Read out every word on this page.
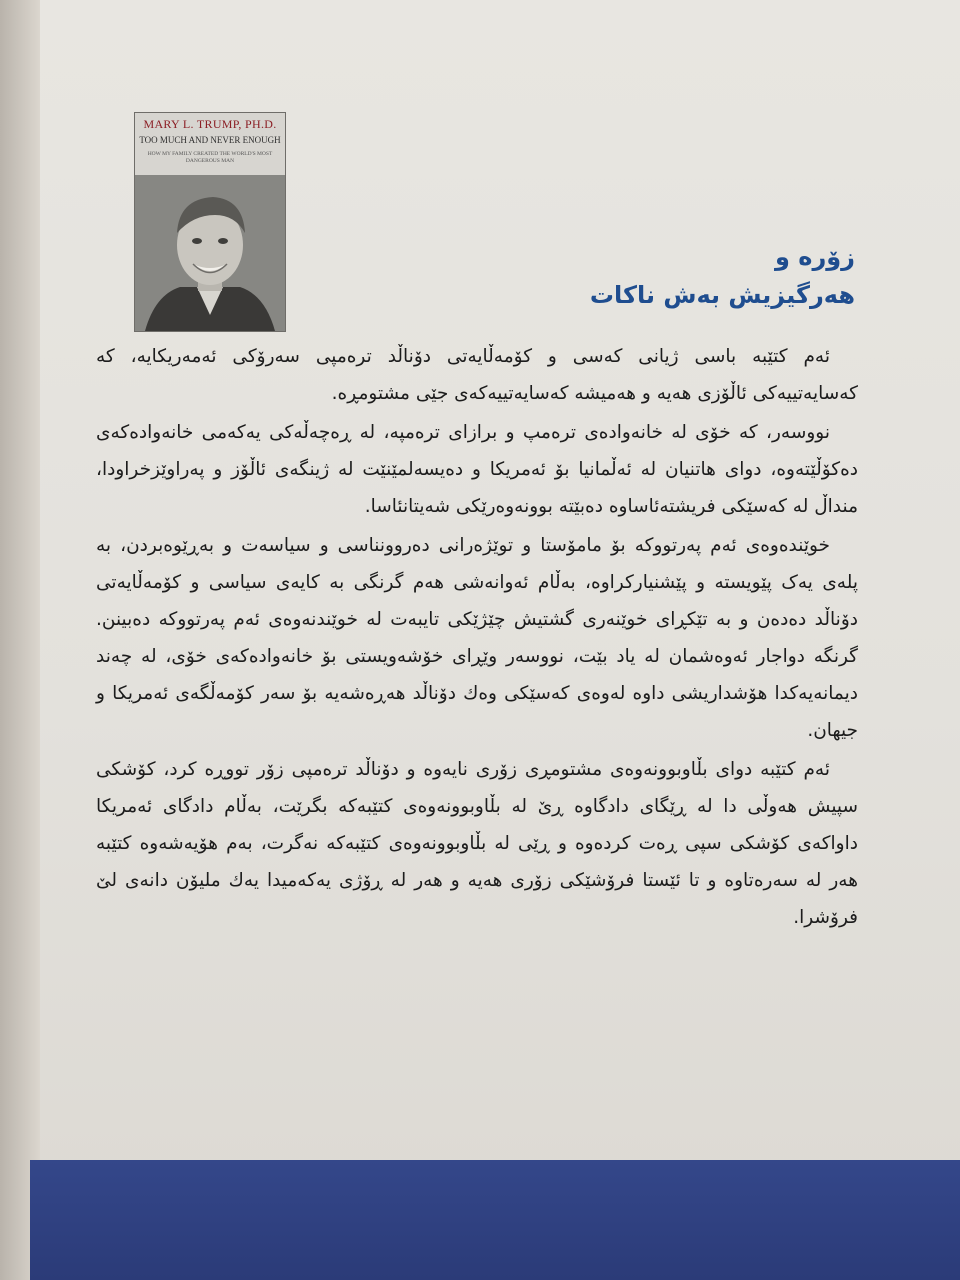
MARY L. TRUMP, PH.D.
TOO MUCH AND NEVER ENOUGH
HOW MY FAMILY CREATED THE WORLD'S MOST DANGEROUS MAN
زۆرە و
هەرگیزیش بەش ناکات

ئەم کتێبە باسی ژیانی کەسی و کۆمەڵایەتی دۆناڵد ترەمپی سەرۆکی ئەمەریکایە، کە کەسایەتییەکی ئاڵۆزی هەیە و هەمیشە کەسایەتییەکەی جێی مشتومڕە.

نووسەر، کە خۆی لە خانەوادەی ترەمپ و برازای ترەمپە، لە ڕەچەڵەکی یەکەمی خانەوادەکەی دەکۆڵێتەوە، دوای هاتنیان لە ئەڵمانیا بۆ ئەمریکا و دەیسەلمێنێت لە ژینگەی ئاڵۆز و پەراوێزخراودا، منداڵ لە کەسێکی فریشتەئاساوە دەبێتە بوونەوەرێکی شەیتانئاسا.

خوێندەوەی ئەم پەرتووکە بۆ مامۆستا و توێژەرانی دەروونناسی و سیاسەت و بەڕێوەبردن، بە پلەی یەک پێویستە و پێشنیارکراوە، بەڵام ئەوانەشی هەم گرنگی بە کایەی سیاسی و کۆمەڵایەتی دۆناڵد دەدەن و بە تێکڕای خوێنەری گشتیش چێژێکی تایبەت لە خوێندنەوەی ئەم پەرتووکە دەبینن. گرنگە دواجار ئەوەشمان لە یاد بێت، نووسەر وێڕای خۆشەویستی بۆ خانەوادەکەی خۆی، لە چەند دیمانەیەکدا هۆشداریشی داوە لەوەی کەسێکی وەك دۆناڵد هەڕەشەیە بۆ سەر کۆمەڵگەی ئەمریکا و جیهان.

ئەم کتێبە دوای بڵاوبوونەوەی مشتومڕی زۆری نایەوە و دۆناڵد ترەمپی زۆر تووڕە کرد، کۆشکی سپیش هەوڵی دا لە ڕێگای دادگاوە ڕێ لە بڵاوبوونەوەی کتێبەکە بگرێت، بەڵام دادگای ئەمریکا داواکەی کۆشکی سپی ڕەت کردەوە و ڕێی لە بڵاوبوونەوەی کتێبەکە نەگرت، بەم هۆیەشەوە کتێبە هەر لە سەرەتاوە و تا ئێستا فرۆشێکی زۆری هەیە و هەر لە ڕۆژی یەکەمیدا یەك ملیۆن دانەی لێ فرۆشرا.
